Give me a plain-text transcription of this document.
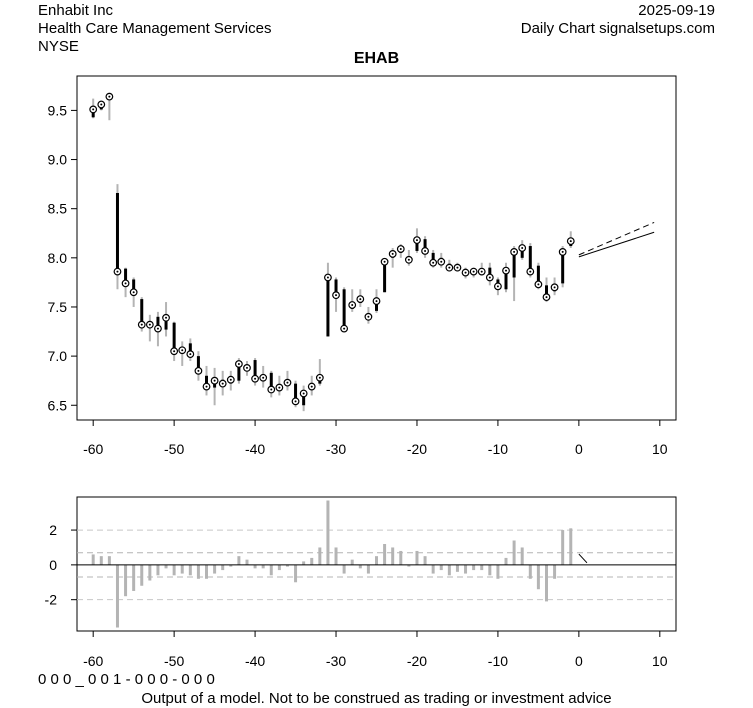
Enhabit Inc
Health Care Management Services
NYSE
2025-09-19
Daily Chart signalsetups.com
EHAB
6.5
7.0
7.5
8.0
8.5
9.0
9.5
-60	-50	-40	-30	-20	-10	0	10
-2
0
2
-60	-50	-40	-30	-20	-10	0	10
0 0 0 _ 0 0 1 - 0 0 0 - 0 0 0
Output of a model. Not to be construed as trading or investment advice
